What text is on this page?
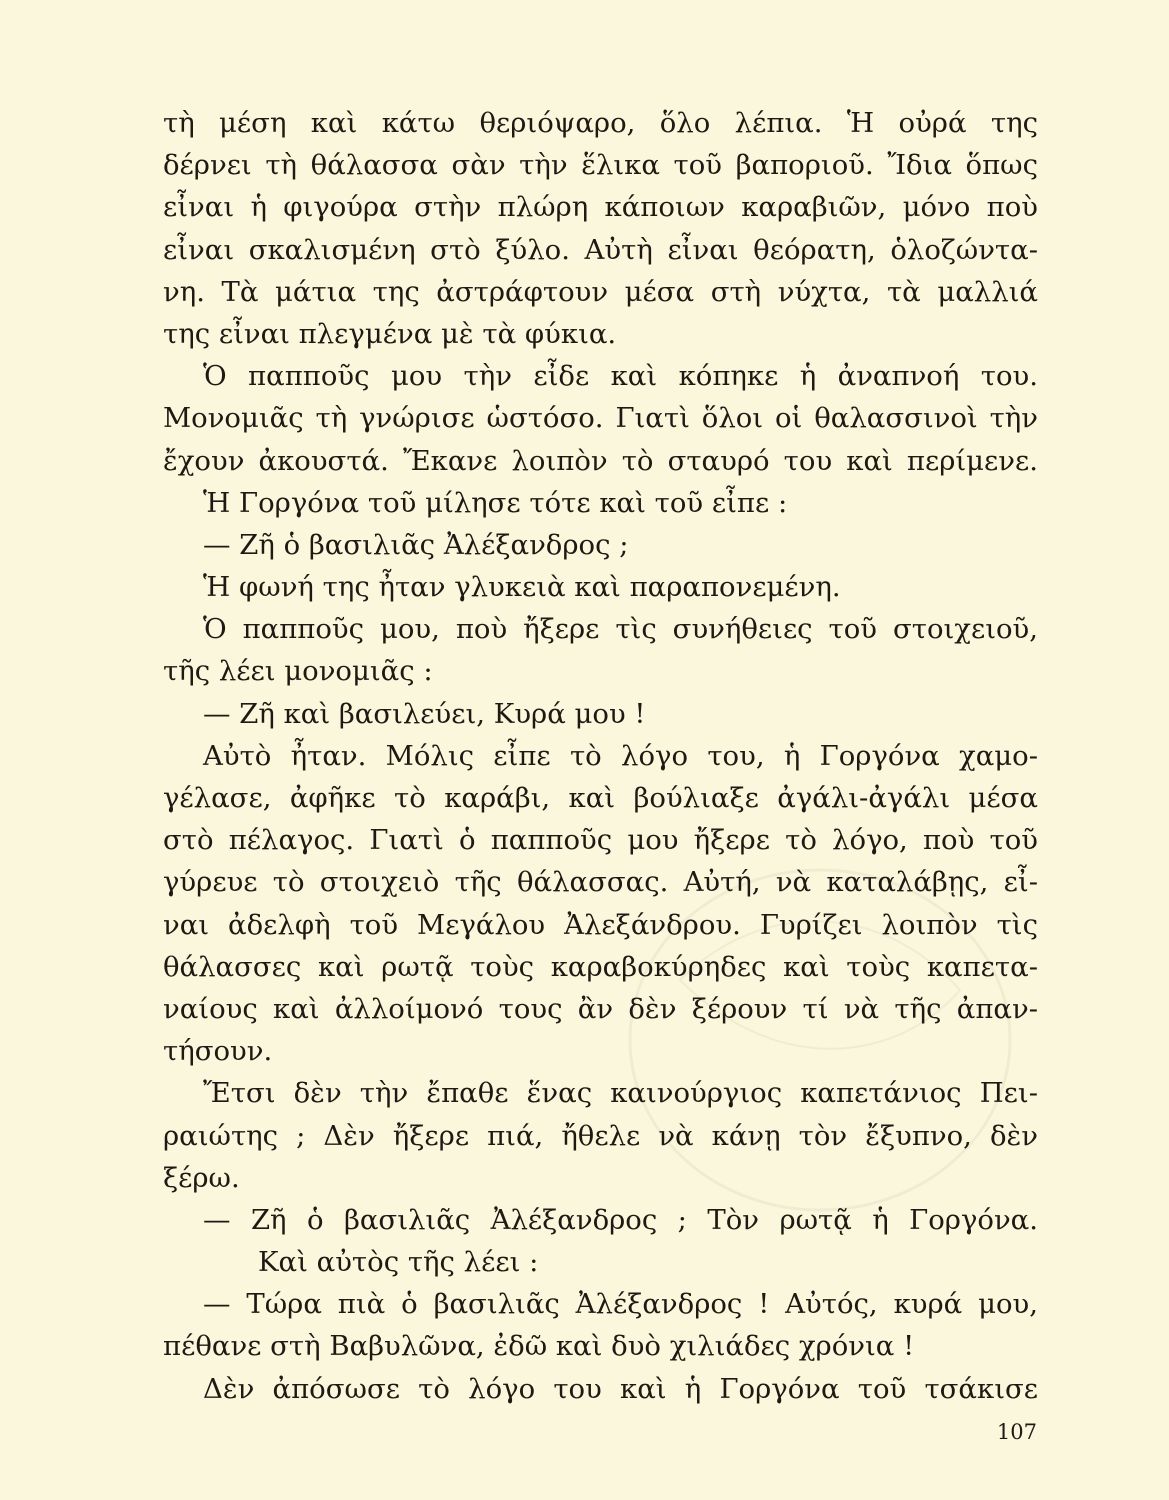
τὴ μέση καὶ κάτω θεριόψαρο, ὅλο λέπια. Ἡ οὐρά της
δέρνει τὴ θάλασσα σὰν τὴν ἕλικα τοῦ βαποριοῦ. Ἴδια ὅπως
εἶναι ἡ φιγούρα στὴν πλώρη κάποιων καραβιῶν, μόνο ποὺ
εἶναι σκαλισμένη στὸ ξύλο. Αὐτὴ εἶναι θεόρατη, ὁλοζώντα-
νη. Τὰ μάτια της ἀστράφτουν μέσα στὴ νύχτα, τὰ μαλλιά
της εἶναι πλεγμένα μὲ τὰ φύκια.
Ὁ παπποῦς μου τὴν εἶδε καὶ κόπηκε ἡ ἀναπνοή του.
Μονομιᾶς τὴ γνώρισε ὡστόσο. Γιατὶ ὅλοι οἱ θαλασσινοὶ τὴν
ἔχουν ἀκουστά. Ἔκανε λοιπὸν τὸ σταυρό του καὶ περίμενε.
Ἡ Γοργόνα τοῦ μίλησε τότε καὶ τοῦ εἶπε :
— Ζῆ ὁ βασιλιᾶς Ἀλέξανδρος ;
Ἡ φωνή της ἦταν γλυκειὰ καὶ παραπονεμένη.
Ὁ παπποῦς μου, ποὺ ἤξερε τὶς συνήθειες τοῦ στοιχειοῦ,
τῆς λέει μονομιᾶς :
— Ζῆ καὶ βασιλεύει, Κυρά μου !
Αὐτὸ ἦταν. Μόλις εἶπε τὸ λόγο του, ἡ Γοργόνα χαμο-
γέλασε, ἀφῆκε τὸ καράβι, καὶ βούλιαξε ἀγάλι-ἀγάλι μέσα
στὸ πέλαγος. Γιατὶ ὁ παπποῦς μου ἤξερε τὸ λόγο, ποὺ τοῦ
γύρευε τὸ στοιχειὸ τῆς θάλασσας. Αὐτή, νὰ καταλάβῃς, εἶ-
ναι ἀδελφὴ τοῦ Μεγάλου Ἀλεξάνδρου. Γυρίζει λοιπὸν τὶς
θάλασσες καὶ ρωτᾷ τοὺς καραβοκύρηδες καὶ τοὺς καπετα-
ναίους καὶ ἀλλοίμονό τους ἂν δὲν ξέρουν τί νὰ τῆς ἀπαν-
τήσουν.
Ἔτσι δὲν τὴν ἔπαθε ἕνας καινούργιος καπετάνιος Πει-
ραιώτης ; Δὲν ἤξερε πιά, ἤθελε νὰ κάνῃ τὸν ἔξυπνο, δὲν
ξέρω.
— Ζῆ ὁ βασιλιᾶς Ἀλέξανδρος ; Τὸν ρωτᾷ ἡ Γοργόνα.
Καὶ αὐτὸς τῆς λέει :
— Τώρα πιὰ ὁ βασιλιᾶς Ἀλέξανδρος ! Αὐτός, κυρά μου,
πέθανε στὴ Βαβυλῶνα, ἐδῶ καὶ δυὸ χιλιάδες χρόνια !
Δὲν ἀπόσωσε τὸ λόγο του καὶ ἡ Γοργόνα τοῦ τσάκισε
107
